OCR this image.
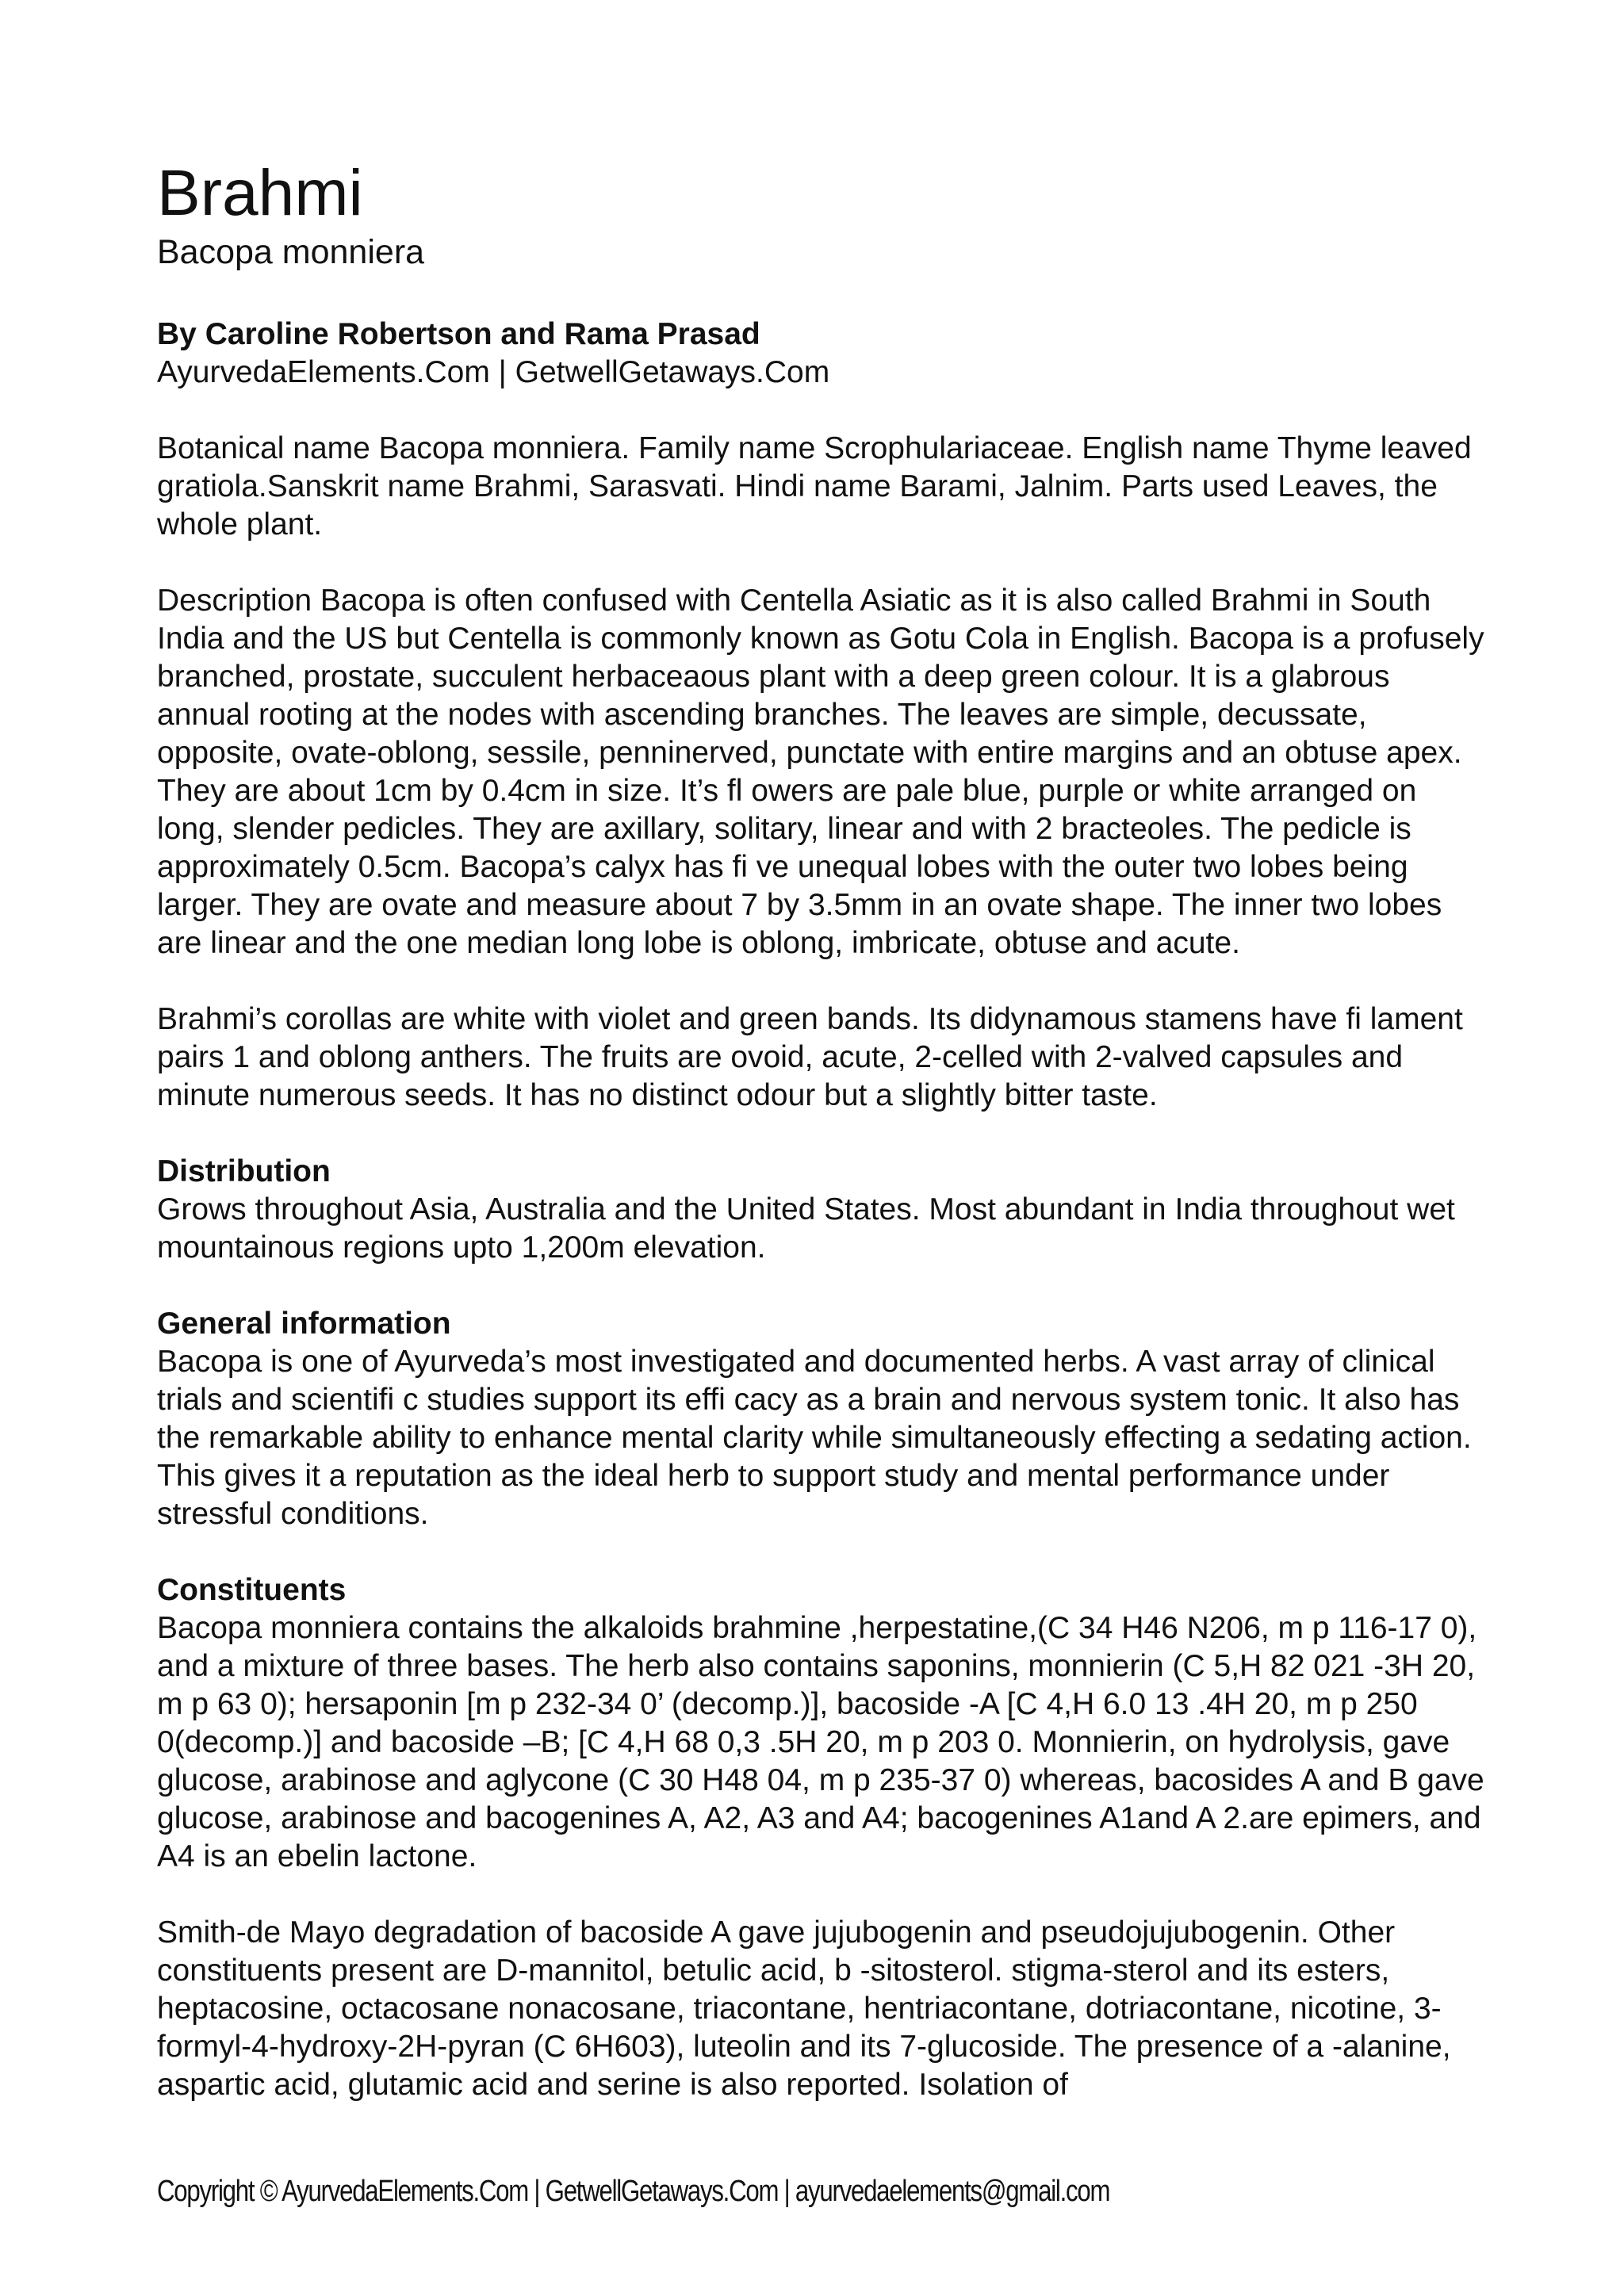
Brahmi
Bacopa monniera
By Caroline Robertson and Rama Prasad
AyurvedaElements.Com | GetwellGetaways.Com

Botanical name Bacopa monniera. Family name Scrophulariaceae. English name Thyme leaved gratiola.Sanskrit name Brahmi, Sarasvati. Hindi name Barami, Jalnim. Parts used Leaves, the whole plant.

Description Bacopa is often confused with Centella Asiatic as it is also called Brahmi in South India and the US but Centella is commonly known as Gotu Cola in English. Bacopa is a profusely branched, prostate, succulent herbaceaous plant with a deep green colour. It is a glabrous annual rooting at the nodes with ascending branches. The leaves are simple, decussate, opposite, ovate-oblong, sessile, penninerved, punctate with entire margins and an obtuse apex. They are about 1cm by 0.4cm in size. It’s fl owers are pale blue, purple or white arranged on long, slender pedicles. They are axillary, solitary, linear and with 2 bracteoles. The pedicle is approximately 0.5cm. Bacopa’s calyx has fi ve unequal lobes with the outer two lobes being larger. They are ovate and measure about 7 by 3.5mm in an ovate shape. The inner two lobes are linear and the one median long lobe is oblong, imbricate, obtuse and acute.

Brahmi’s corollas are white with violet and green bands. Its didynamous stamens have fi lament pairs 1 and oblong anthers. The fruits are ovoid, acute, 2-celled with 2-valved capsules and minute numerous seeds. It has no distinct odour but a slightly bitter taste.

Distribution

Grows throughout Asia, Australia and the United States. Most abundant in India throughout wet mountainous regions upto 1,200m elevation.

General information

Bacopa is one of Ayurveda’s most investigated and documented herbs. A vast array of clinical trials and scientifi c studies support its effi cacy as a brain and nervous system tonic. It also has the remarkable ability to enhance mental clarity while simultaneously effecting a sedating action. This gives it a reputation as the ideal herb to support study and mental performance under stressful conditions.

Constituents

Bacopa monniera contains the alkaloids brahmine ,herpestatine,(C 34 H46 N206, m p 116-17 0), and a mixture of three bases. The herb also contains saponins, monnierin (C 5,H 82 021 -3H 20, m p 63 0); hersaponin [m p 232-34 0’ (decomp.)], bacoside -A [C 4,H 6.0 13 .4H 20, m p 250 0(decomp.)] and bacoside –B; [C 4,H 68 0,3 .5H 20, m p 203 0. Monnierin, on hydrolysis, gave glucose, arabinose and aglycone (C 30 H48 04, m p 235-37 0) whereas, bacosides A and B gave glucose, arabinose and bacogenines A, A2, A3 and A4; bacogenines A1and A 2.are epimers, and A4 is an ebelin lactone.

Smith-de Mayo degradation of bacoside A gave jujubogenin and pseudojujubogenin. Other constituents present are D-mannitol, betulic acid, b -sitosterol. stigma-sterol and its esters, heptacosine, octacosane nonacosane, triacontane, hentriacontane, dotriacontane, nicotine, 3-formyl-4-hydroxy-2H-pyran (C 6H603), luteolin and its 7-glucoside. The presence of a -alanine, aspartic acid, glutamic acid and serine is also reported. Isolation of

Copyright © AyurvedaElements.Com | GetwellGetaways.Com | ayurvedaelements@gmail.com
